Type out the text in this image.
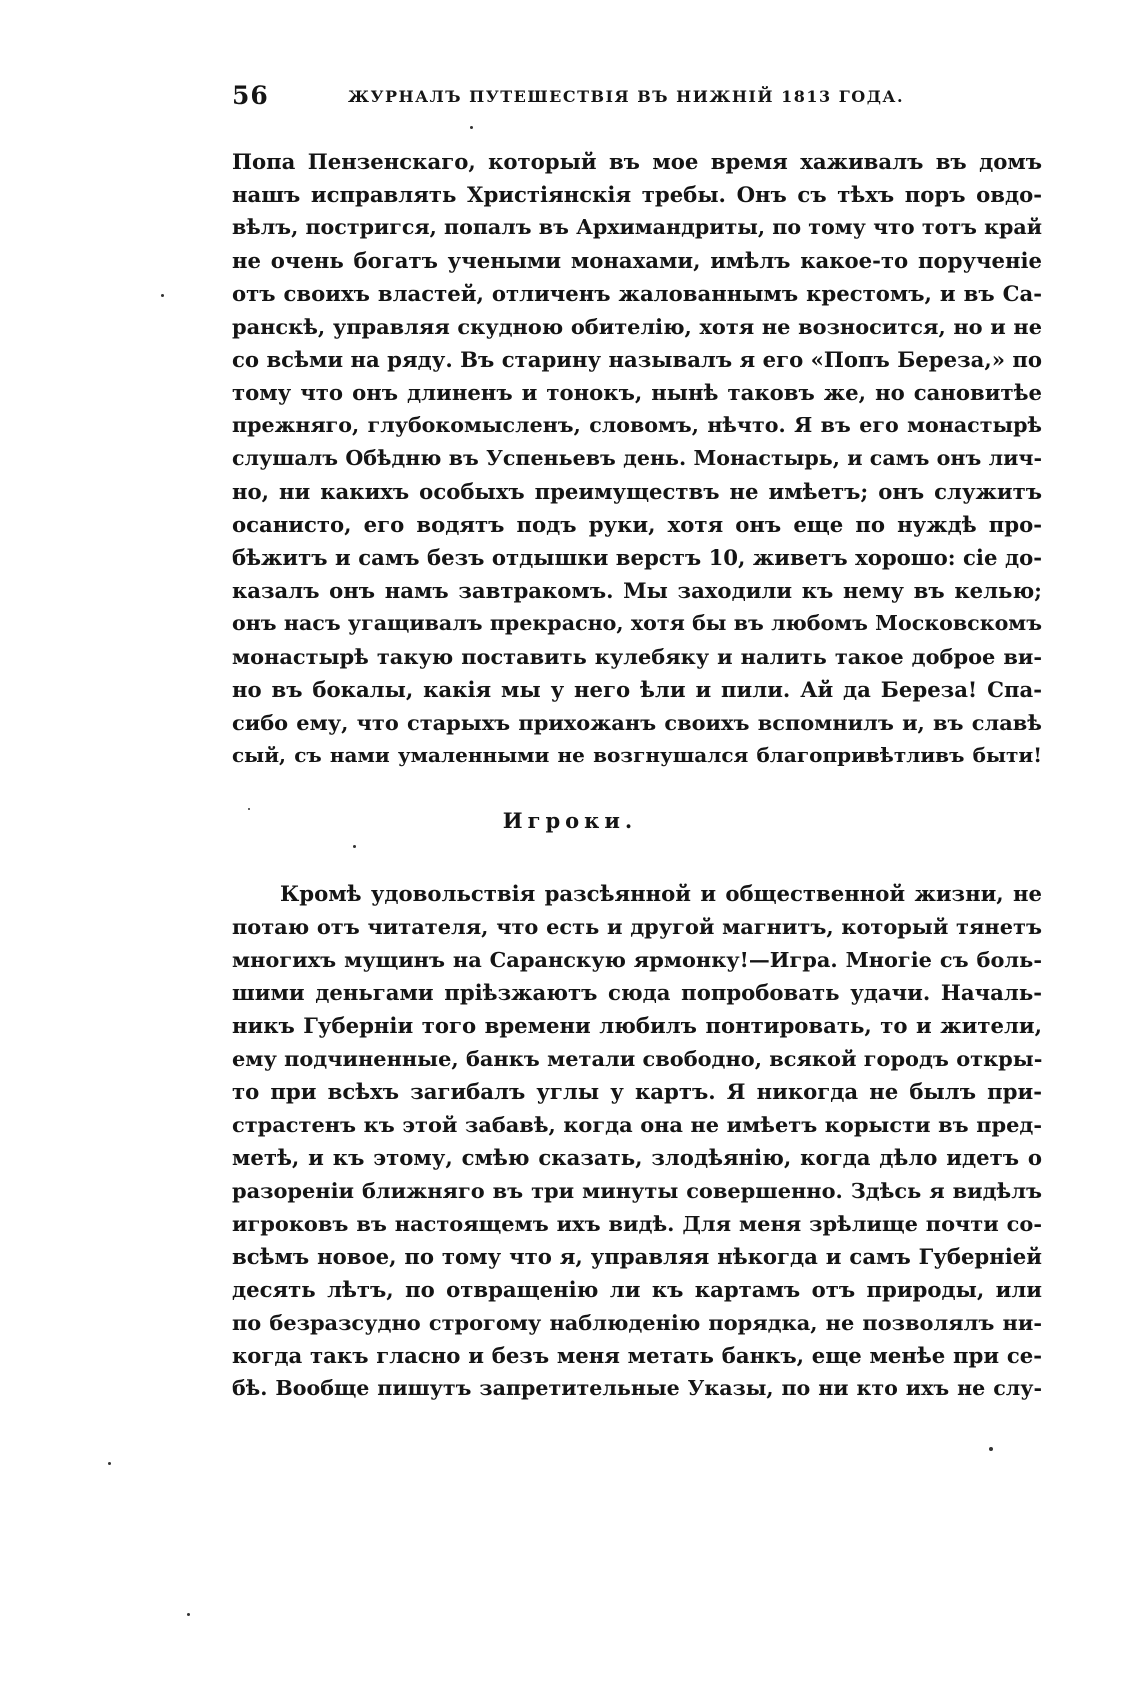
56	ЖУРНАЛЪ ПУТЕШЕСТВІЯ ВЪ НИЖНІЙ 1813 ГОДА.
Попа Пензенскаго, который въ мое время хаживалъ въ домъ
нашъ исправлять Христіянскія требы. Онъ съ тѣхъ поръ овдо-
вѣлъ, постригся, попалъ въ Архимандриты, по тому что тотъ край
не очень богатъ учеными монахами, имѣлъ какое-то порученіе
отъ своихъ властей, отличенъ жалованнымъ крестомъ, и въ Са-
ранскѣ, управляя скудною обителію, хотя не возносится, но и не
со всѣми на ряду. Въ старину называлъ я его «Попъ Береза,» по
тому что онъ длиненъ и тонокъ, нынѣ таковъ же, но сановитѣе
прежняго, глубокомысленъ, словомъ, нѣчто. Я въ его монастырѣ
слушалъ Обѣдню въ Успеньевъ день. Монастырь, и самъ онъ лич-
но, ни какихъ особыхъ преимуществъ не имѣетъ; онъ служитъ
осанисто, его водятъ подъ руки, хотя онъ еще по нуждѣ про-
бѣжитъ и самъ безъ отдышки верстъ 10, живетъ хорошо: сіе до-
казалъ онъ намъ завтракомъ. Мы заходили къ нему въ келью;
онъ насъ угащивалъ прекрасно, хотя бы въ любомъ Московскомъ
монастырѣ такую поставить кулебяку и налить такое доброе ви-
но въ бокалы, какія мы у него ѣли и пили. Ай да Береза! Спа-
сибо ему, что старыхъ прихожанъ своихъ вспомнилъ и, въ славѣ
сый, съ нами умаленными не возгнушался благопривѣтливъ быти!
Игроки.
Кромѣ удовольствія разсѣянной и общественной жизни, не
потаю отъ читателя, что есть и другой магнитъ, который тянетъ
многихъ мущинъ на Саранскую ярмонку!—Игра. Многіе съ боль-
шими деньгами пріѣзжаютъ сюда попробовать удачи. Началь-
никъ Губерніи того времени любилъ понтировать, то и жители,
ему подчиненные, банкъ метали свободно, всякой городъ откры-
то при всѣхъ загибалъ углы у картъ. Я никогда не былъ при-
страстенъ къ этой забавѣ, когда она не имѣетъ корысти въ пред-
метѣ, и къ этому, смѣю сказать, злодѣянію, когда дѣло идетъ о
разореніи ближняго въ три минуты совершенно. Здѣсь я видѣлъ
игроковъ въ настоящемъ ихъ видѣ. Для меня зрѣлище почти со-
всѣмъ новое, по тому что я, управляя нѣкогда и самъ Губерніей
десять лѣтъ, по отвращенію ли къ картамъ отъ природы, или
по безразсудно строгому наблюденію порядка, не позволялъ ни-
когда такъ гласно и безъ меня метать банкъ, еще менѣе при се-
бѣ. Вообще пишутъ запретительные Указы, по ни кто ихъ не слу-
